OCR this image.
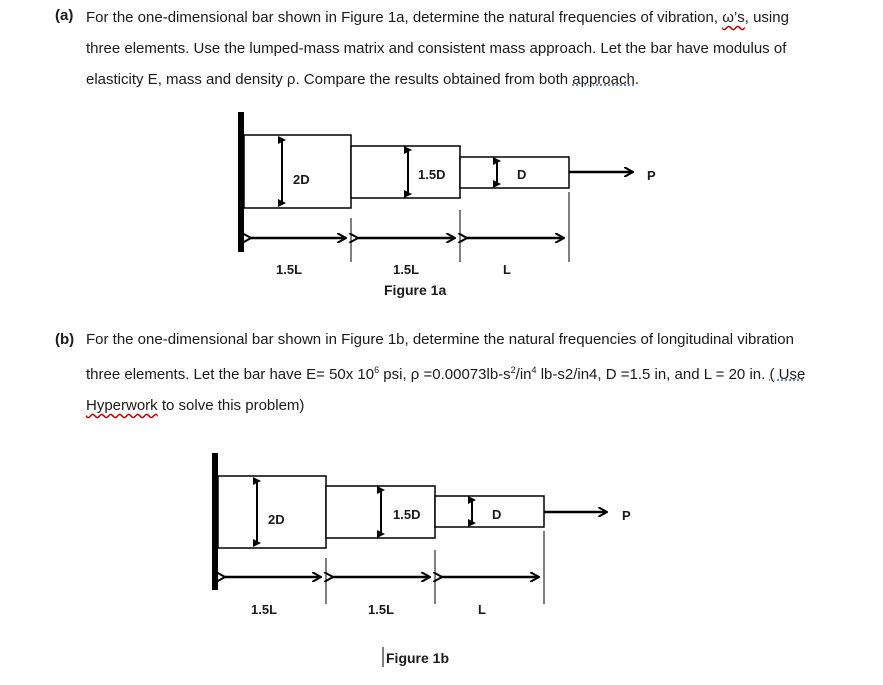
(a) For the one-dimensional bar shown in Figure 1a, determine the natural frequencies of vibration, ω’s, using
three elements. Use the lumped-mass matrix and consistent mass approach. Let the bar have modulus of
elasticity E, mass and density ρ. Compare the results obtained from both approach.
2D	1.5D	D	P
1.5L	1.5L	L
Figure 1a
(b) For the one-dimensional bar shown in Figure 1b, determine the natural frequencies of longitudinal vibration
three elements. Let the bar have E= 50x $10^6$ psi, $\rho =0.00073lb-s^2/in^4$ lb-s2/in4, D =1.5 in, and L = 20 in. ( Use
Hyperwork to solve this problem)
2D	1.5D	D	P
1.5L	1.5L	L
Figure 1b
